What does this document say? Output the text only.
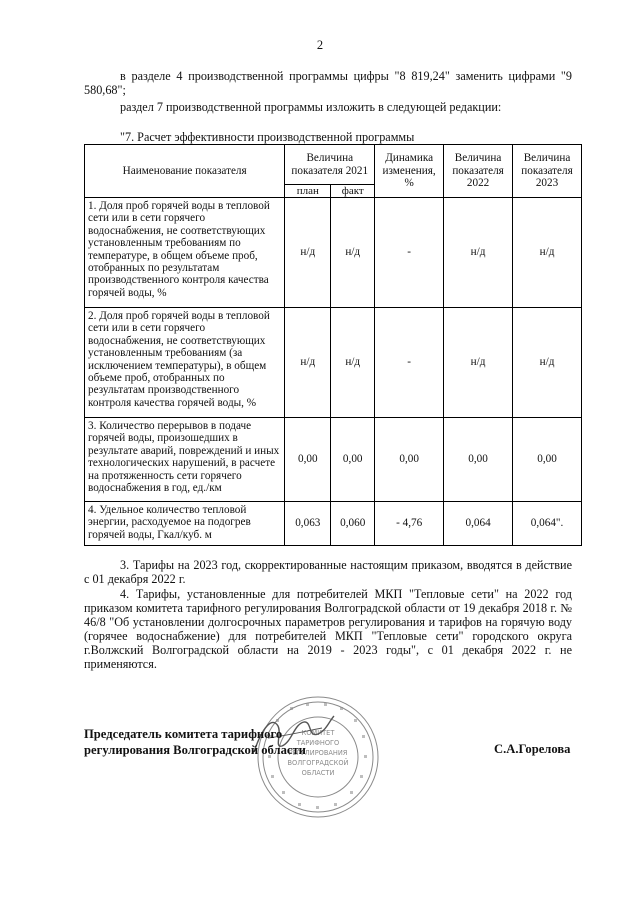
2
в разделе 4 производственной программы цифры "8 819,24" заменить цифрами "9 580,68";
раздел 7 производственной программы изложить в следующей редакции:
"7. Расчет эффективности производственной программы
Наименование показателя	Величина показателя 2021		Динамика изменения, %	Величина показателя 2022	Величина показателя 2023
	план	факт			
1. Доля проб горячей воды в тепловой сети или в сети горячего водоснабжения, не соответствующих установленным требованиям по температуре, в общем объеме проб, отобранных по результатам производственного контроля качества горячей воды, %	н/д	н/д	-	н/д	н/д
2. Доля проб горячей воды в тепловой сети или в сети горячего водоснабжения, не соответствующих установленным требованиям (за исключением температуры), в общем объеме проб, отобранных по результатам производственного контроля качества горячей воды, %	н/д	н/д	-	н/д	н/д
3. Количество перерывов в подаче горячей воды, произошедших в результате аварий, повреждений и иных технологических нарушений, в расчете на протяженность сети горячего водоснабжения в год, ед./км	0,00	0,00	0,00	0,00	0,00
4. Удельное количество тепловой энергии, расходуемое на подогрев горячей воды, Гкал/куб. м	0,063	0,060	- 4,76	0,064	0,064".
3. Тарифы на 2023 год, скорректированные настоящим приказом, вводятся в действие с 01 декабря 2022 г.
4. Тарифы, установленные для потребителей МКП "Тепловые сети" на 2022 год приказом комитета тарифного регулирования Волгоградской области от 19 декабря 2018 г. № 46/8 "Об установлении долгосрочных параметров регулирования и тарифов на горячую воду (горячее водоснабжение) для потребителей МКП "Тепловые сети" городского округа г.Волжский Волгоградской области на 2019 - 2023 годы", с 01 декабря 2022 г. не применяются.
КОМИТЕТ
ТАРИФНОГО
РЕГУЛИРОВАНИЯ
ВОЛГОГРАДСКОЙ
ОБЛАСТИ
Председатель комитета тарифного
регулирования Волгоградской области	С.А.Горелова
